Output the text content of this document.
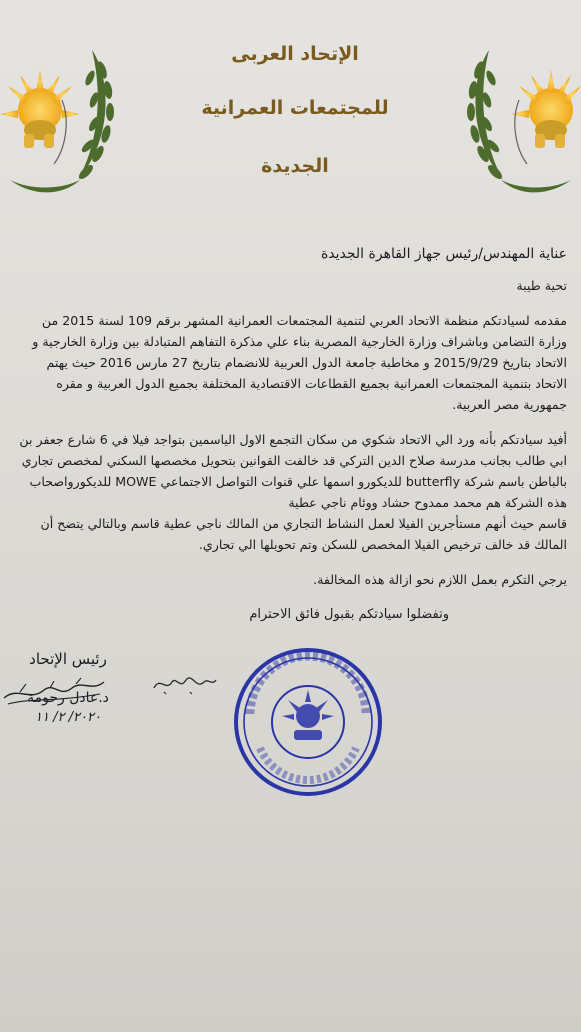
الإتحاد العربى
للمجتمعات العمرانية
الجديدة

عناية المهندس/رئيس جهاز القاهرة الجديدة

تحية طيبة

مقدمه لسيادتكم منظمة الاتحاد العربي لتنمية المجتمعات العمرانية المشهر برقم 109 لسنة 2015 من وزارة التضامن وباشراف وزارة الخارجية المصرية بناء علي مذكرة التفاهم المتبادلة بين وزارة الخارجية و الاتحاد بتاريخ 2015/9/29 و مخاطبة جامعة الدول العربية للانضمام بتاريخ 27 مارس 2016 حيث يهتم الاتحاد بتنمية المجتمعات العمرانية بجميع القطاعات الاقتصادية المختلفة بجميع الدول العربية و مقره جمهورية مصر العربية.

أفيد سيادتكم بأنه ورد الي الاتحاد شكوي من سكان التجمع الاول الياسمين بتواجد فيلا في 6 شارع جعفر بن ابي طالب بجانب مدرسة صلاح الدين التركي قد خالفت القوانين بتحويل مخصصها السكني لمخصص تجاري بالباطن باسم شركة butterfly للديكورو اسمها علي قنوات التواصل الاجتماعي MOWE للديكورواصحاب هذه الشركة هم محمد ممدوح حشاد ووئام ناجي عطية

قاسم حيث أنهم مستأجرين الفيلا لعمل النشاط التجاري من المالك ناجي عطية قاسم وبالتالي يتضح أن المالك قد خالف ترخيص الفيلا المخصص للسكن وتم تحويلها الي تجاري.

يرجي التكرم بعمل اللازم نحو ازالة هذه المخالفة.

وتفضلوا سيادتكم بقبول فائق الاحترام

رئيس الإتحاد
د.عادل رحومة
٢٠٢٠/ ٢/ ١١
